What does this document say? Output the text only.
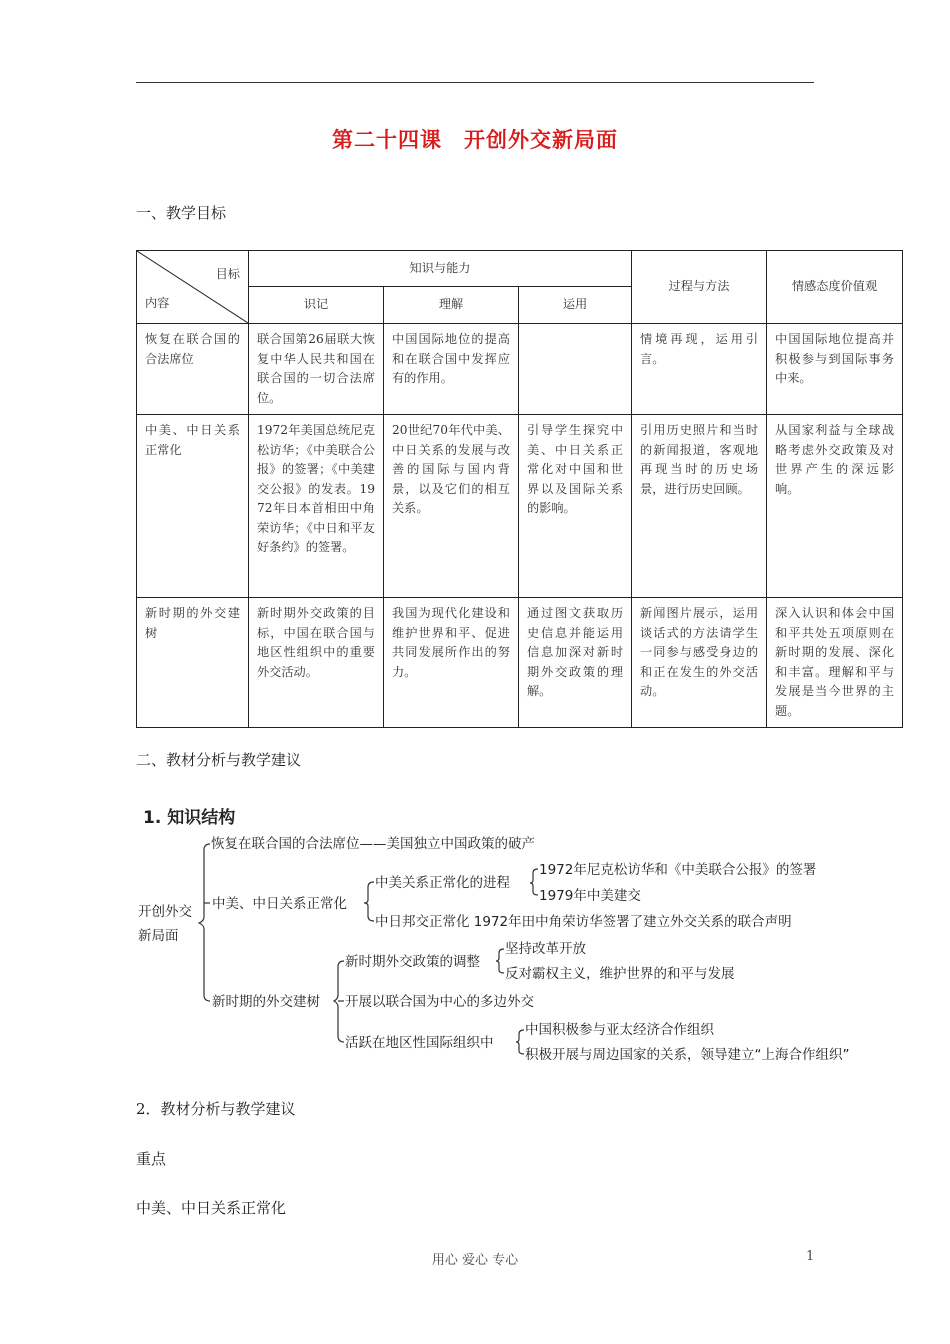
第二十四课　开创外交新局面
一、教学目标
目标
内容	知识与能力			过程与方法	情感态度价值观
	识记	理解	运用		
恢复在联合国的合法席位	联合国第26届联大恢复中华人民共和国在联合国的一切合法席位。	中国国际地位的提高和在联合国中发挥应有的作用。		情境再现，运用引言。	中国国际地位提高并积极参与到国际事务中来。
中美、中日关系正常化	1972年美国总统尼克松访华；《中美联合公报》的签署；《中美建交公报》的发表。1972年日本首相田中角荣访华；《中日和平友好条约》的签署。	20世纪70年代中美、中日关系的发展与改善的国际与国内背景，以及它们的相互关系。	引导学生探究中美、中日关系正常化对中国和世界以及国际关系的影响。	引用历史照片和当时的新闻报道，客观地再现当时的历史场景，进行历史回顾。	从国家利益与全球战略考虑外交政策及对世界产生的深远影响。
新时期的外交建树	新时期外交政策的目标，中国在联合国与地区性组织中的重要外交活动。	我国为现代化建设和维护世界和平、促进共同发展所作出的努力。	通过图文获取历史信息并能运用信息加深对新时期外交政策的理解。	新闻图片展示，运用谈话式的方法请学生一同参与感受身边的和正在发生的外交活动。	深入认识和体会中国和平共处五项原则在新时期的发展、深化和丰富。理解和平与发展是当今世界的主题。
二、教材分析与教学建议
1. 知识结构
开创外交
新局面
恢复在联合国的合法席位——美国独立中国政策的破产
中美、中日关系正常化
中美关系正常化的进程
1972年尼克松访华和《中美联合公报》的签署
1979年中美建交
中日邦交正常化 1972年田中角荣访华签署了建立外交关系的联合声明
新时期的外交建树
新时期外交政策的调整
坚持改革开放
反对霸权主义，维护世界的和平与发展
开展以联合国为中心的多边外交
活跃在地区性国际组织中
中国积极参与亚太经济合作组织
积极开展与周边国家的关系，领导建立“上海合作组织”
2．教材分析与教学建议
重点
中美、中日关系正常化
用心 爱心 专心	1
